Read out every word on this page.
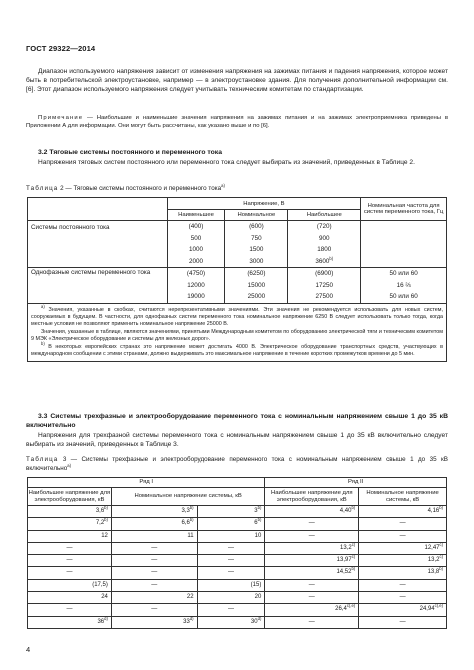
ГОСТ 29322—2014
Диапазон используемого напряжения зависит от изменения напряжения на зажимах питания и падения напряжения, которое может быть в потребительской электроустановке, например — в электроустановке здания. Для получения дополнительной информации см. [6]. Этот диапазон используемого напряжения следует учитывать техническим комитетам по стандартизации.
Примечание — Наибольшие и наименьшие значения напряжения на зажимах питания и на зажимах электроприемника приведены в Приложении А для информации. Они могут быть рассчитаны, как указано выше и по [6].
3.2 Тяговые системы постоянного и переменного тока
Напряжения тяговых систем постоянного или переменного тока следует выбирать из значений, приведенных в Таблице 2.
Таблица 2 — Тяговые системы постоянного и переменного тока$^{а)}$
	Напряжение, В			Номинальная частота для систем переменного тока, Гц
	Наименьшее	Номинальное	Наибольшее	
Системы постоянного тока	(400)	(600)	(720)	
	500	750	900	
	1000	1500	1800	
	2000	3000	3600$^{b)}$
Однофазные системы переменного тока	(4750)	(6250)	(6900)	50 или 60
	12000	15000	17250	16 ⅔
	19000	25000	27500	50 или 60

$^{а)}$ Значения, указанные в скобках, считаются нерепрезентативными значениями. Эти значения не рекомендуется использовать для новых систем, сооружаемых в будущем. В частности, для однофазных систем переменного тока номинальное напряжение 6250 В следует использовать только тогда, когда местные условия не позволяют применить номинальное напряжение 25000 В.
Значения, указанные в таблице, являются значениями, принятыми Международным комитетом по оборудованию электрической тяги и техническим комитетом 9 МЭК «Электрическое оборудование и системы для железных дорог».
$^{b)}$ В некоторых европейских странах это напряжение может достигать 4000 В. Электрическое оборудование транспортных средств, участвующих в международном сообщении с этими странами, должно выдерживать это максимальное напряжение в течение коротких промежутков времени до 5 мин.				
3.3 Системы трехфазные и электрооборудование переменного тока с номинальным напряжением свыше 1 до 35 кВ включительно
Напряжения для трехфазной системы переменного тока с номинальным напряжением свыше 1 до 35 кВ включительно следует выбирать из значений, приведенных в Таблице 3.
Таблица 3 — Системы трехфазные и электрооборудование переменного тока с номинальным напряжением свыше 1 до 35 кВ включительно$^{а)}$
Ряд I			Ряд II	
Наибольшее напряжение для электрооборудования, кВ	Номинальное напряжение системы, кВ		Наибольшее напряжение для электрооборудования, кВ	Номинальное напряжение системы, кВ
3,6$^{b)}$	3,3$^{b)}$	3$^{b)}$	4,40$^{b)}$	4,16$^{b)}$
7,2$^{b)}$	6,6$^{b)}$	6$^{b)}$	—	—
12	11	10	—	—
—	—	—	13,2$^{c)}$	12,47$^{c)}$
—	—	—	13,97$^{c)}$	13,2$^{c)}$
—	—	—	14,52$^{b)}$	13,8$^{b)}$
(17,5)	—	(15)	—	—
24	22	20	—	—
—	—	—	$26,4^{c),e)}$	$24,94^{c),e)}$
36$^{d)}$	33$^{d)}$	30$^{d)}$	—	—
4
